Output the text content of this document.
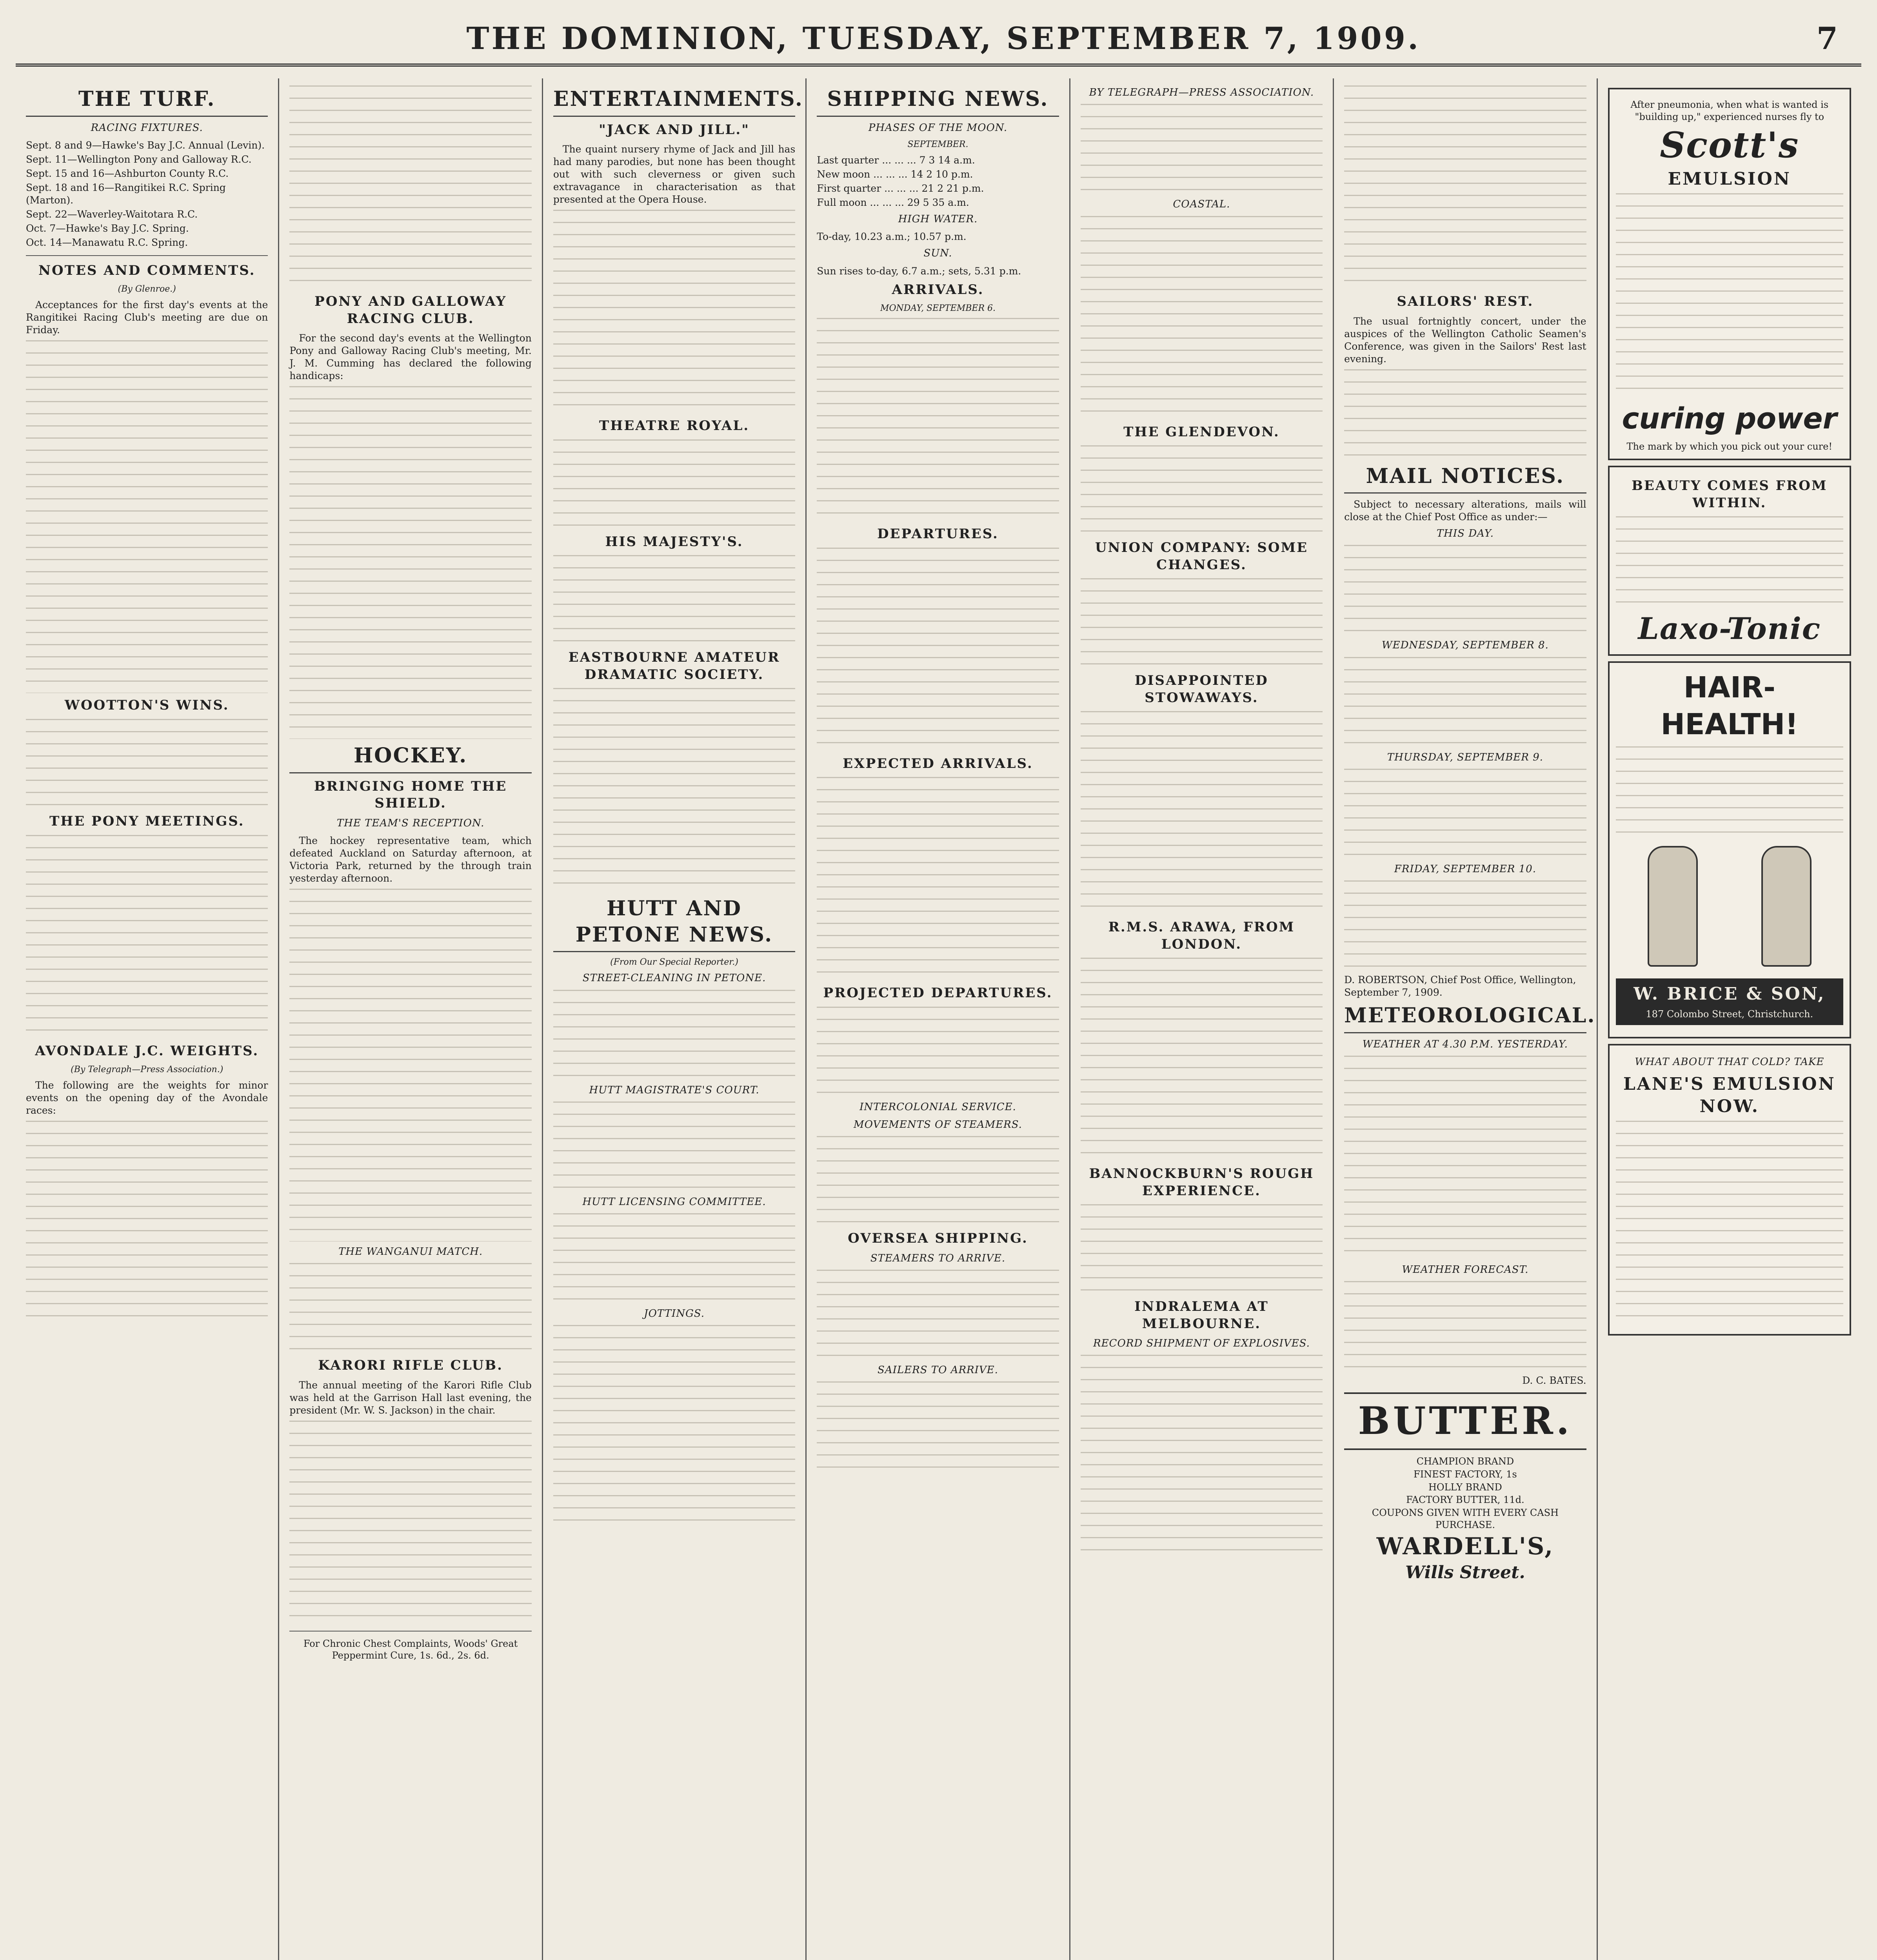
THE DOMINION, TUESDAY, SEPTEMBER 7, 1909.	7
THE TURF.
RACING FIXTURES.
Sept. 8 and 9—Hawke's Bay J.C. Annual (Levin).
Sept. 11—Wellington Pony and Galloway R.C.
Sept. 15 and 16—Ashburton County R.C.
Sept. 18 and 16—Rangitikei R.C. Spring (Marton).
Sept. 22—Waverley-Waitotara R.C.
Oct. 7—Hawke's Bay J.C. Spring.
Oct. 14—Manawatu R.C. Spring.
NOTES AND COMMENTS.
(By Glenroe.)

Acceptances for the first day's events at the Rangitikei Racing Club's meeting are due on Friday.

WOOTTON'S WINS.
THE PONY MEETINGS.
AVONDALE J.C. WEIGHTS.
(By Telegraph—Press Association.)

The following are the weights for minor events on the opening day of the Avondale races:

PONY AND GALLOWAY RACING CLUB.

For the second day's events at the Wellington Pony and Galloway Racing Club's meeting, Mr. J. M. Cumming has declared the following handicaps:

HOCKEY.
BRINGING HOME THE SHIELD.
THE TEAM'S RECEPTION.

The hockey representative team, which defeated Auckland on Saturday afternoon, at Victoria Park, returned by the through train yesterday afternoon.

THE WANGANUI MATCH.
KARORI RIFLE CLUB.

The annual meeting of the Karori Rifle Club was held at the Garrison Hall last evening, the president (Mr. W. S. Jackson) in the chair.

For Chronic Chest Complaints, Woods' Great Peppermint Cure, 1s. 6d., 2s. 6d.
ENTERTAINMENTS.
"JACK AND JILL."

The quaint nursery rhyme of Jack and Jill has had many parodies, but none has been thought out with such cleverness or given such extravagance in characterisation as that presented at the Opera House.

THEATRE ROYAL.
HIS MAJESTY'S.
EASTBOURNE AMATEUR DRAMATIC SOCIETY.
HUTT AND PETONE NEWS.
(From Our Special Reporter.)
STREET-CLEANING IN PETONE.
HUTT MAGISTRATE'S COURT.
HUTT LICENSING COMMITTEE.
JOTTINGS.
SHIPPING NEWS.
PHASES OF THE MOON.
SEPTEMBER.
Last quarter ... ... ... 7 3 14 a.m.
New moon ... ... ... 14 2 10 p.m.
First quarter ... ... ... 21 2 21 p.m.
Full moon ... ... ... 29 5 35 a.m.
HIGH WATER.
To-day, 10.23 a.m.; 10.57 p.m.
SUN.
Sun rises to-day, 6.7 a.m.; sets, 5.31 p.m.
ARRIVALS.
MONDAY, SEPTEMBER 6.
DEPARTURES.
EXPECTED ARRIVALS.
PROJECTED DEPARTURES.
INTERCOLONIAL SERVICE.
MOVEMENTS OF STEAMERS.
OVERSEA SHIPPING.
STEAMERS TO ARRIVE.
SAILERS TO ARRIVE.
BY TELEGRAPH—PRESS ASSOCIATION.
COASTAL.
THE GLENDEVON.
UNION COMPANY: SOME CHANGES.
DISAPPOINTED STOWAWAYS.
R.M.S. ARAWA, FROM LONDON.
BANNOCKBURN'S ROUGH EXPERIENCE.
INDRALEMA AT MELBOURNE.
RECORD SHIPMENT OF EXPLOSIVES.
SAILORS' REST.

The usual fortnightly concert, under the auspices of the Wellington Catholic Seamen's Conference, was given in the Sailors' Rest last evening.

MAIL NOTICES.

Subject to necessary alterations, mails will close at the Chief Post Office as under:—

THIS DAY.
WEDNESDAY, SEPTEMBER 8.
THURSDAY, SEPTEMBER 9.
FRIDAY, SEPTEMBER 10.
D. ROBERTSON, Chief Post Office, Wellington, September 7, 1909.
METEOROLOGICAL.
WEATHER AT 4.30 P.M. YESTERDAY.
WEATHER FORECAST.
D. C. BATES.
BUTTER.
CHAMPION BRAND
FINEST FACTORY, 1s
HOLLY BRAND
FACTORY BUTTER, 11d.
COUPONS GIVEN WITH EVERY CASH PURCHASE.
WARDELL'S,
Wills Street.
After pneumonia, when what is wanted is "building up," experienced nurses fly to
Scott's
EMULSION
curing power
The mark by which you pick out your cure!
BEAUTY COMES FROM WITHIN.
Laxo-Tonic
HAIR-HEALTH!
W. BRICE & SON,
187 Colombo Street, Christchurch.
WHAT ABOUT THAT COLD? TAKE
LANE'S EMULSION NOW.
